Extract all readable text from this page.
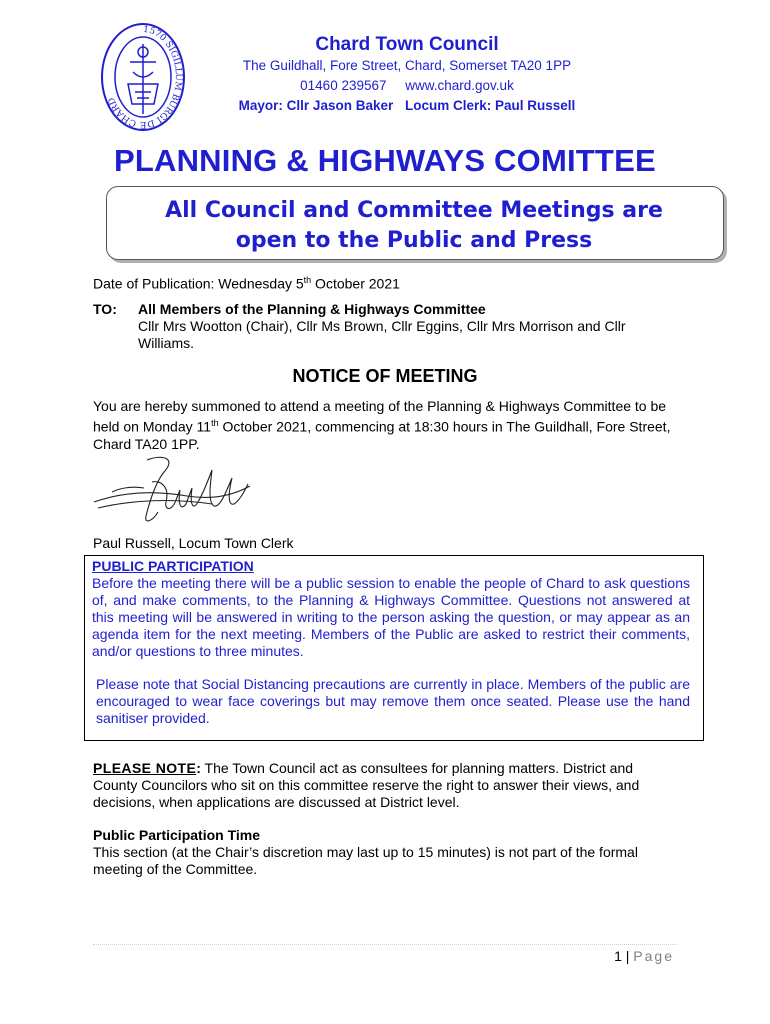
1570 SIGILLUM BURGI DE CHARD
Chard Town Council
The Guildhall, Fore Street, Chard, Somerset TA20 1PP
01460 239567 www.chard.gov.uk
Mayor: Cllr Jason Baker Locum Clerk: Paul Russell
PLANNING & HIGHWAYS COMITTEE
All Council and Committee Meetings are
open to the Public and Press
Date of Publication: Wednesday 5th October 2021
TO: All Members of the Planning & Highways Committee
Cllr Mrs Wootton (Chair), Cllr Ms Brown, Cllr Eggins, Cllr Mrs Morrison and Cllr Williams.
NOTICE OF MEETING
You are hereby summoned to attend a meeting of the Planning & Highways Committee to be held on Monday 11th October 2021, commencing at 18:30 hours in The Guildhall, Fore Street, Chard TA20 1PP.
Paul Russell, Locum Town Clerk
PUBLIC PARTICIPATION
Before the meeting there will be a public session to enable the people of Chard to ask questions of, and make comments, to the Planning & Highways Committee. Questions not answered at this meeting will be answered in writing to the person asking the question, or may appear as an agenda item for the next meeting. Members of the Public are asked to restrict their comments, and/or questions to three minutes.
Please note that Social Distancing precautions are currently in place. Members of the public are encouraged to wear face coverings but may remove them once seated. Please use the hand sanitiser provided.
PLEASE NOTE: The Town Council act as consultees for planning matters. District and County Councilors who sit on this committee reserve the right to answer their views, and decisions, when applications are discussed at District level.
Public Participation Time
This section (at the Chair’s discretion may last up to 15 minutes) is not part of the formal meeting of the Committee.
1 | Page
